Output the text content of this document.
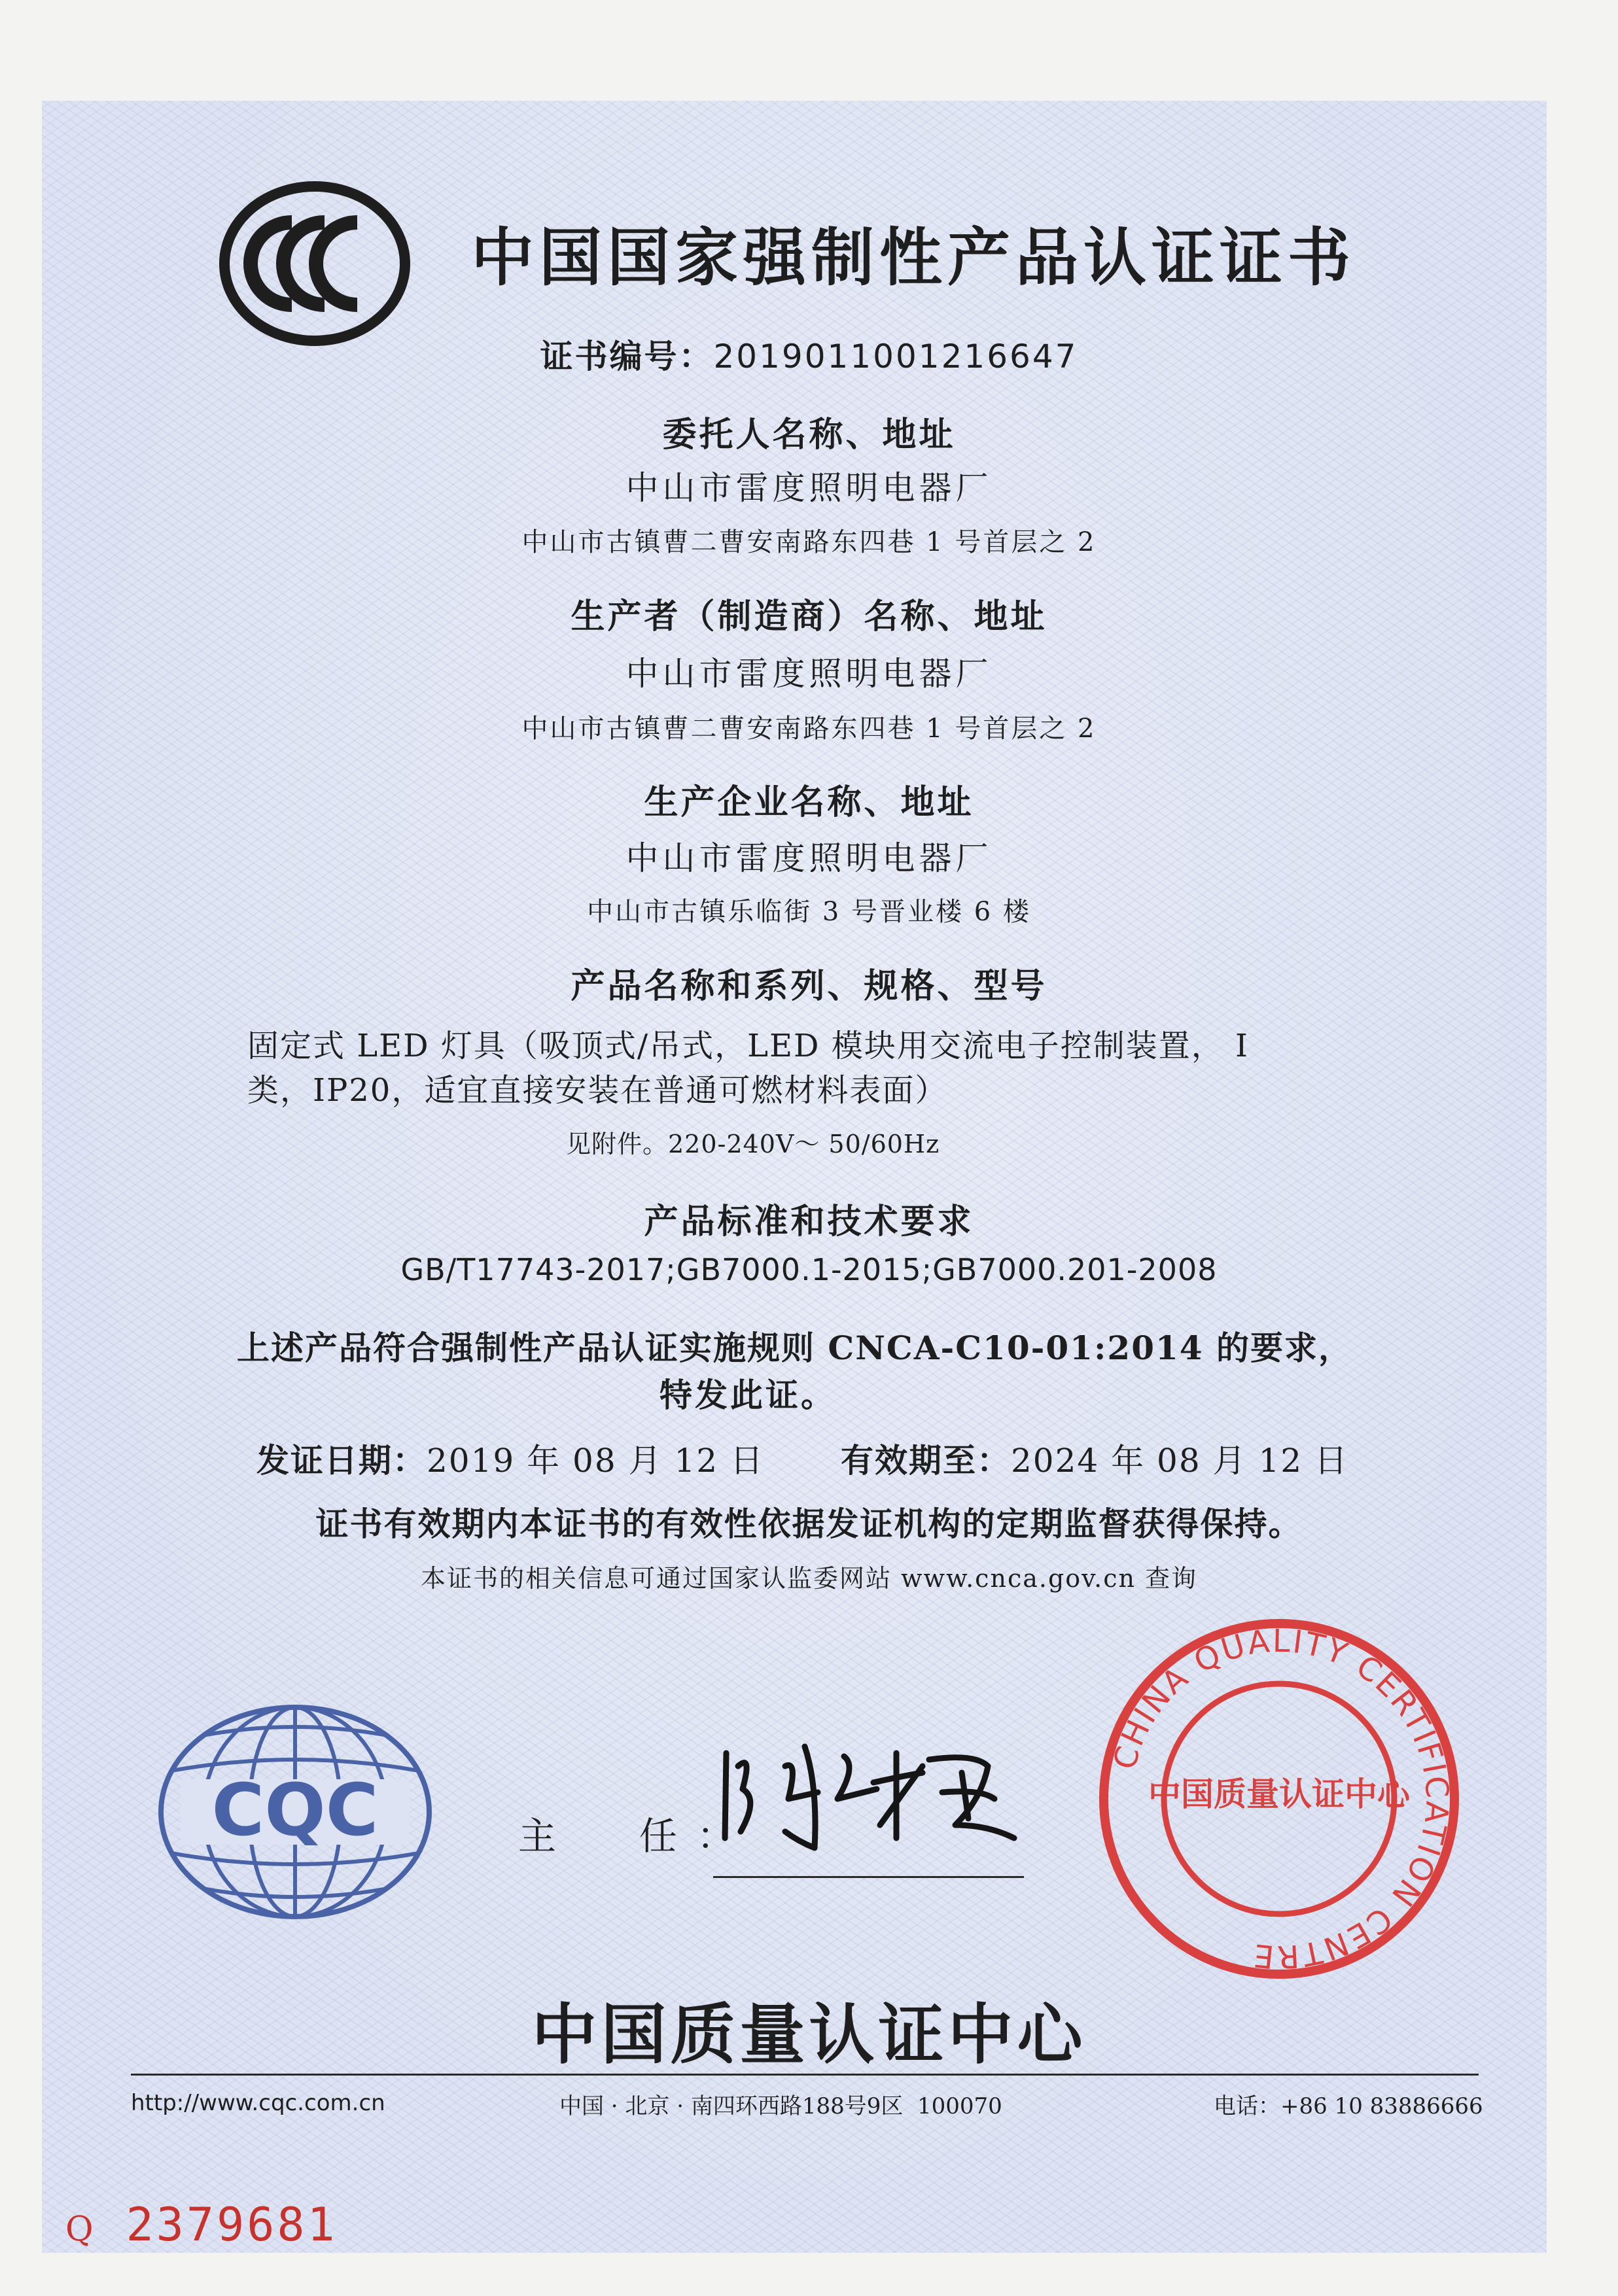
中国国家强制性产品认证证书
证书编号：2019011001216647
委托人名称、地址
中山市雷度照明电器厂
中山市古镇曹二曹安南路东四巷 1 号首层之 2
生产者（制造商）名称、地址
中山市雷度照明电器厂
中山市古镇曹二曹安南路东四巷 1 号首层之 2
生产企业名称、地址
中山市雷度照明电器厂
中山市古镇乐临街 3 号晋业楼 6 楼
产品名称和系列、规格、型号
固定式 LED 灯具（吸顶式/吊式，LED 模块用交流电子控制装置， I
类，IP20，适宜直接安装在普通可燃材料表面）
见附件。220-240V～ 50/60Hz
产品标准和技术要求
GB/T17743-2017;GB7000.1-2015;GB7000.201-2008
上述产品符合强制性产品认证实施规则 CNCA-C10-01:2014 的要求，
特发此证。
发证日期：2019 年 08 月 12 日 有效期至：2024 年 08 月 12 日
证书有效期内本证书的有效性依据发证机构的定期监督获得保持。
本证书的相关信息可通过国家认监委网站 www.cnca.gov.cn 查询
CQC	主  任：
CHINA QUALITY CERTIFICATION CENTRE
中国质量认证中心
中国质量认证中心
http://www.cqc.com.cn	中国 · 北京 · 南四环西路188号9区  100070	电话：+86 10 83886666
Q 2379681
